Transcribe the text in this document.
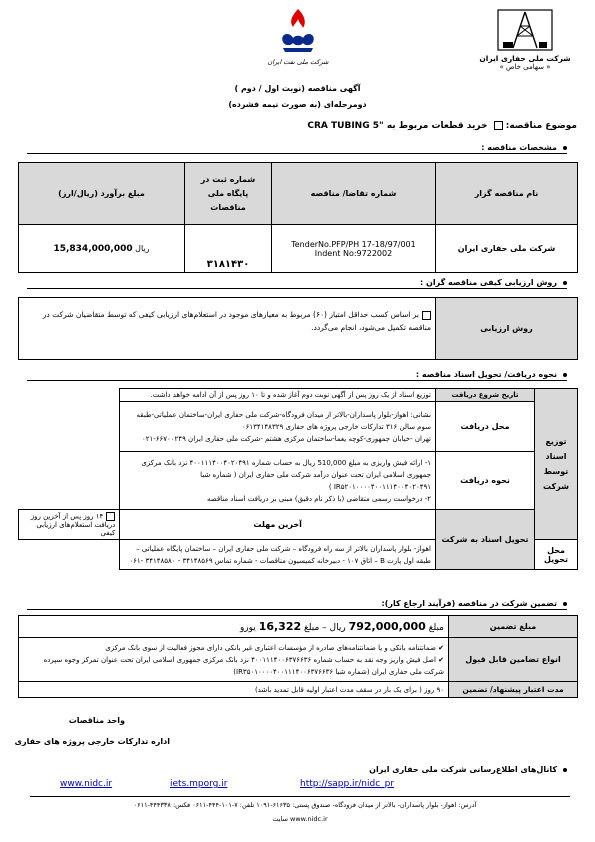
شرکت ملی حفاری ایران
« سهامی خاص »
شرکت ملی نفت ایران
آگهی مناقصه (نوبت اول / دوم )
دومرحله‌ای (به صورت نیمه فشرده)
موضوع مناقصه:  خرید قطعات مربوط به "5 CRA TUBING
مشخصات مناقصه :
نام مناقصه گزار	شماره تقاضا/ مناقصه	شماره ثبت در پایگاه ملی مناقصات	مبلغ برآورد (ریال/ارز)
شرکت ملی حفاری ایران	TenderNo.PFP/PH 17-18/97/001
Indent No:9722002	۳۱۸۱۴۳۰	ریال 15,834,000,000
روش ارزیابی کیفی مناقصه گران :
روش ارزیابی	بر اساس کسب حداقل امتیاز (۶۰) مربوط به معیارهای موجود در استعلام‌های ارزیابی کیفی که توسط متقاضیان شرکت در مناقصه تکمیل می‌شود، انجام می‌گردد.
نحوه دریافت/ تحویل اسناد مناقصه :
توزیع اسناد توسط شرکت	تاریخ شروع دریافت	توزیع اسناد از یک روز پس از آگهی نوبت دوم آغاز شده و تا ۱۰ روز پس از آن ادامه خواهد داشت.	
	محل دریافت	نشانی: اهواز-بلوار پاسداران-بالاتر از میدان فرودگاه-شرکت ملی حفاری ایران-ساختمان عملیاتی-طبقه سوم سالن ۳۱۶ تدارکات خارجی پروژه های حفاری ۰۶۱۳۴۱۴۸۳۲۹
تهران -خیابان جمهوری-کوچه یغما-ساختمان مرکزی هشتم -شرکت ملی حفاری ایران ۶۶۷۰۰۲۴۹-۰۲۱	

	نحوه دریافت	۱- ارائه فیش واریزی به مبلغ 510,000 ریال به حساب شماره ۴۰۰۱۱۱۴۰۰۴۰۲۰۴۹۱ نزد بانک مرکزی جمهوری اسلامی ایران تحت عنوان درآمد شرکت ملی حفاری ایران ( شماره شبا IR۵۲۰۱۰۰۰۰۴۰۰۱۱۱۴۰۰۴۰۲۰۴۹۱ )
۲- درخواست رسمی متقاضی (با ذکر نام دقیق) مبنی بر دریافت اسناد مناقصه	

	تحویل اسناد به شرکت	آخرین مهلت	۱۴ روز پس از آخرین روز دریافت استعلام‌های ارزیابی کیفی
محل تحویل		اهواز- بلوار پاسداران بالاتر از سه راه فرودگاه – شرکت ملی حفاری ایران – ساختمان پایگاه عملیاتی – طبقه اول پارت B – اتاق ۱۰۷ - دبیرخانه کمیسیون مناقصات - شماره تماس ۳۴۱۴۸۵۶۹ - ۳۴۱۴۸۵۸۰ -۰۶۱	
تضمین شرکت در مناقصه (فرآیند ارجاع کار):
مبلغ تضمین	مبلغ 792,000,000 ریال – مبلغ 16,322 یورو
انواع تضامین قابل قبول	✔ ضمانتنامه بانکی و یا ضمانتنامه‌های صادره از مؤسسات اعتباری غیر بانکی دارای مجوز فعالیت از سوی بانک مرکزی
✔ اصل فیش واریز وجه نقد به حساب شماره ۴۰۰۱۱۱۴۰۰۶۳۷۶۶۳۶ نزد بانک مرکزی جمهوری اسلامی ایران تحت عنوان تمرکز وجوه سپرده شرکت ملی حفاری ایران (شماره شبا IR۳۵۰۱۰۰۰۰۴۰۰۱۱۱۴۰۰۶۳۷۶۶۳۶)

مدت اعتبار پیشنهاد/ تضمین	۹۰ روز ( برای یک بار در سقف مدت اعتبار اولیه قابل تمدید باشد)
واحد مناقصات
اداره تدارکات خارجی پروژه های حفاری
کانال‌های اطلاع‌رسانی شرکت ملی حفاری ایران
www.nidc.ir	iets.mporg.ir	http://sapp.ir/nidc_pr
آدرس: اهواز- بلوار پاسداران- بالاتر از میدان فرودگاه- صندوق پستی: ۶۱۶۳۵-۱۰۹۱ تلفن: ۷-۱۰۱-۴۴۴-۰۶۱۱ فکس: ۴۴۴۳۳۸-۰۶۱۱
www.nidc.ir سایت
